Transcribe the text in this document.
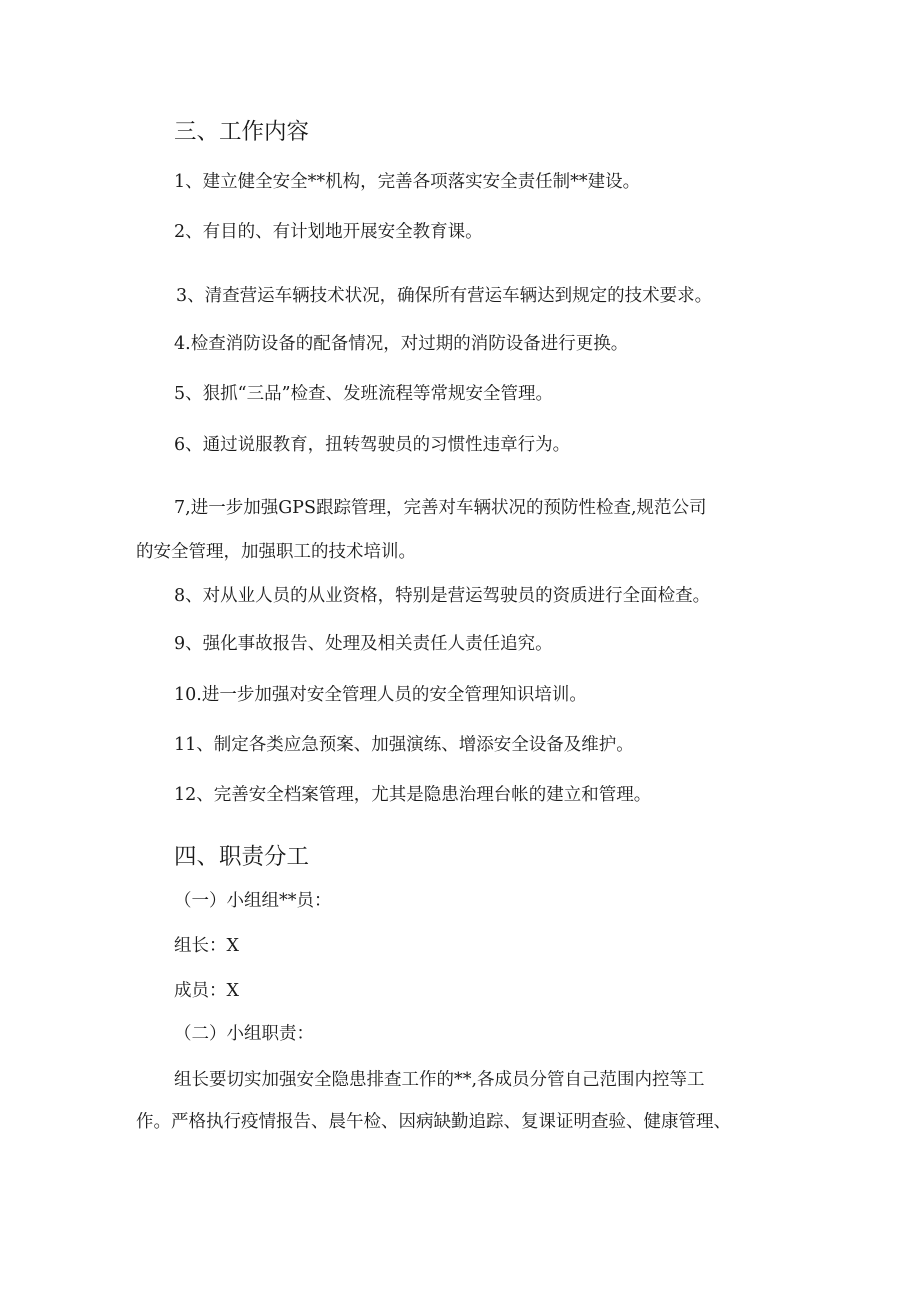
三、工作内容
1、建立健全安全**机构，完善各项落实安全责任制**建设。
2、有目的、有计划地开展安全教育课。
3、清查营运车辆技术状况，确保所有营运车辆达到规定的技术要求。
4.检查消防设备的配备情况，对过期的消防设备进行更换。
5、狠抓“三品”检查、发班流程等常规安全管理。
6、通过说服教育，扭转驾驶员的习惯性违章行为。
7,进一步加强GPS跟踪管理，完善对车辆状况的预防性检查,规范公司
的安全管理，加强职工的技术培训。
8、对从业人员的从业资格，特别是营运驾驶员的资质进行全面检查。
9、强化事故报告、处理及相关责任人责任追究。
10.进一步加强对安全管理人员的安全管理知识培训。
11、制定各类应急预案、加强演练、增添安全设备及维护。
12、完善安全档案管理，尤其是隐患治理台帐的建立和管理。
四、职责分工
（一）小组组**员：
组长：X
成员：X
（二）小组职责：
组长要切实加强安全隐患排查工作的**,各成员分管自己范围内控等工
作。严格执行疫情报告、晨午检、因病缺勤追踪、复课证明查验、健康管理、
